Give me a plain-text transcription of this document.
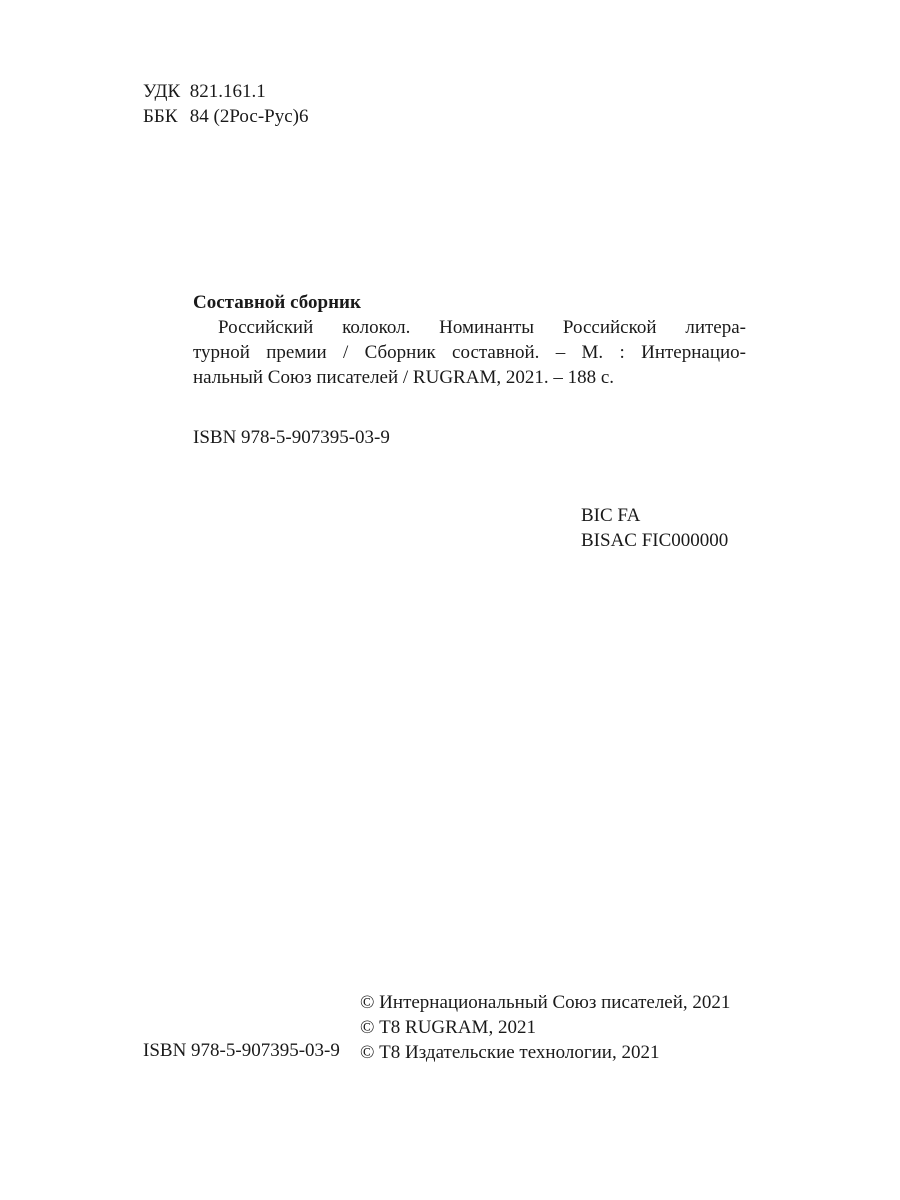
УДК 821.161.1
ББК 84 (2Рос-Рус)6
Составной сборник
Российский колокол. Номинанты Российской литера-
турной премии / Сборник составной. – М. : Интернацио-
нальный Союз писателей / RUGRAM, 2021. – 188 с.
ISBN 978-5-907395-03-9
BIC FA
BISAC FIC000000
ISBN 978-5-907395-03-9
© Интернациональный Союз писателей, 2021
© Т8 RUGRAM, 2021
© Т8 Издательские технологии, 2021
